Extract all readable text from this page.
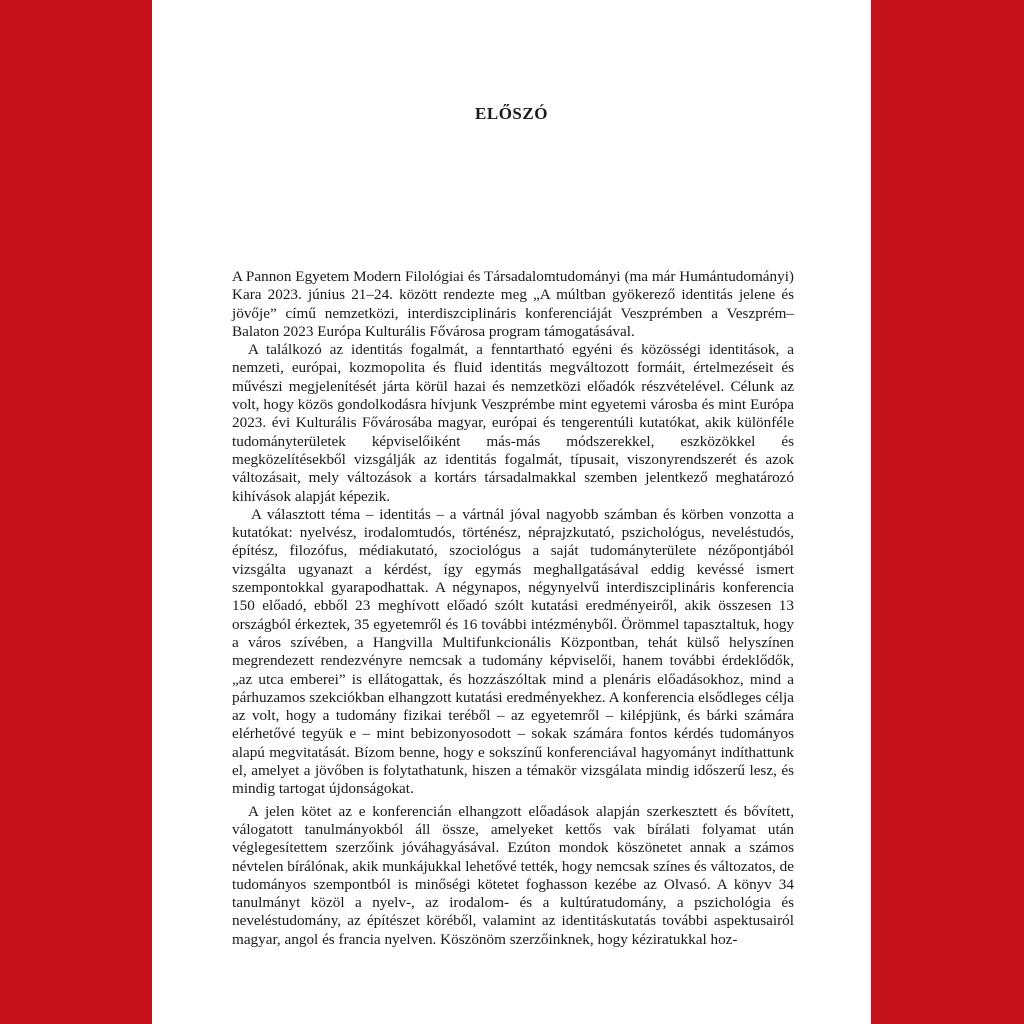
ELŐSZÓ

A Pannon Egyetem Modern Filológiai és Társadalomtudományi (ma már Humántudományi) Kara 2023. június 21–24. között rendezte meg „A múltban gyökerező identitás jelene és jövője” című nemzetközi, interdiszciplináris konferenciáját Veszprémben a Veszprém–Balaton 2023 Európa Kulturális Fővárosa program támogatásával.

A találkozó az identitás fogalmát, a fenntartható egyéni és közösségi identitások, a nemzeti, európai, kozmopolita és fluid identitás megváltozott formáit, értelmezéseit és művészi megjelenítését járta körül hazai és nemzetközi előadók részvételével. Célunk az volt, hogy közös gondolkodásra hívjunk Veszprémbe mint egyetemi városba és mint Európa 2023. évi Kulturális Fővárosába magyar, európai és tengerentúli kutatókat, akik különféle tudományterületek képviselőiként más-más módszerekkel, eszközökkel és megközelítésekből vizsgálják az identitás fogalmát, típusait, viszonyrendszerét és azok változásait, mely változások a kortárs társadalmakkal szemben jelentkező meghatározó kihívások alapját képezik.

A választott téma – identitás – a vártnál jóval nagyobb számban és körben vonzotta a kutatókat: nyelvész, irodalomtudós, történész, néprajzkutató, pszichológus, neveléstudós, építész, filozófus, médiakutató, szociológus a saját tudományterülete nézőpontjából vizsgálta ugyanazt a kérdést, így egymás meghallgatásával eddig kevéssé ismert szempontokkal gyarapodhattak. A négynapos, négynyelvű interdiszciplináris konferencia 150 előadó, ebből 23 meghívott előadó szólt kutatási eredményeiről, akik összesen 13 országból érkeztek, 35 egyetemről és 16 további intézményből. Örömmel tapasztaltuk, hogy a város szívében, a Hangvilla Multifunkcionális Központban, tehát külső helyszínen megrendezett rendezvényre nemcsak a tudomány képviselői, hanem további érdeklődők, „az utca emberei” is ellátogattak, és hozzászóltak mind a plenáris előadásokhoz, mind a párhuzamos szekciókban elhangzott kutatási eredményekhez. A konferencia elsődleges célja az volt, hogy a tudomány fizikai teréből – az egyetemről – kilépjünk, és bárki számára elérhetővé tegyük e – mint bebizonyosodott – sokak számára fontos kérdés tudományos alapú megvitatását. Bízom benne, hogy e sokszínű konferenciával hagyományt indíthattunk el, amelyet a jövőben is folytathatunk, hiszen a témakör vizsgálata mindig időszerű lesz, és mindig tartogat újdonságokat.

A jelen kötet az e konferencián elhangzott előadások alapján szerkesztett és bővített, válogatott tanulmányokból áll össze, amelyeket kettős vak bírálati folyamat után véglegesítettem szerzőink jóváhagyásával. Ezúton mondok köszönetet annak a számos névtelen bírálónak, akik munkájukkal lehetővé tették, hogy nemcsak színes és változatos, de tudományos szempontból is minőségi kötetet foghasson kezébe az Olvasó. A könyv 34 tanulmányt közöl a nyelv-, az irodalom- és a kultúratudomány, a pszichológia és neveléstudomány, az építészet köréből, valamint az identitáskutatás további aspektusairól magyar, angol és francia nyelven. Köszönöm szerzőinknek, hogy kéziratukkal hoz-
